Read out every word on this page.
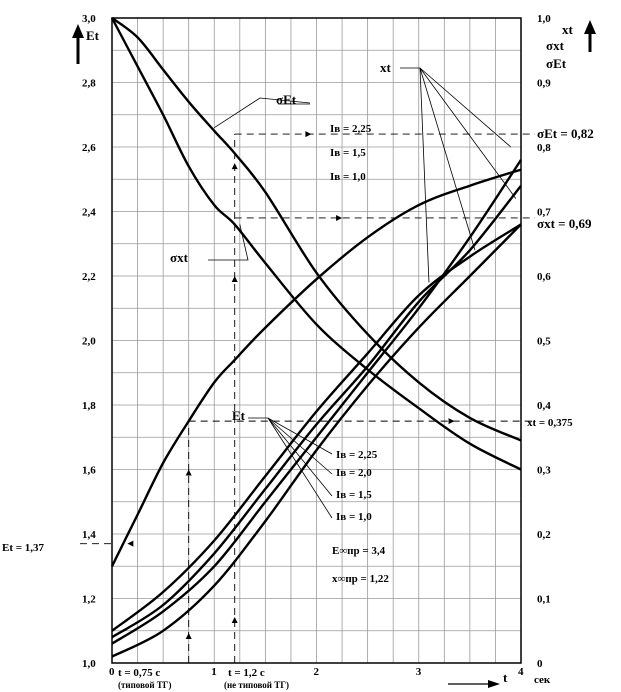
1,0
1,2
1,4
1,6
1,8
2,0
2,2
2,4
2,6
2,8
3,0
0
0,1
0,2
0,3
0,4
0,5
0,6
0,7
0,8
0,9
1,0
0	1	2	3	4
Et	xt
σxt
σEt
t сек
σEt
σxt
xt
Et
Iв = 2,25
Iв = 1,5
Iв = 1,0
Iв = 2,25
Iв = 2,0
Iв = 1,5
Iв = 1,0
E∞пр = 3,4
x∞пр = 1,22
σEt = 0,82
σxt = 0,69
xt = 0,375
Et = 1,37
t = 0,75 с
(типовой ТГ)
t = 1,2 с
(не типовой ТГ)
